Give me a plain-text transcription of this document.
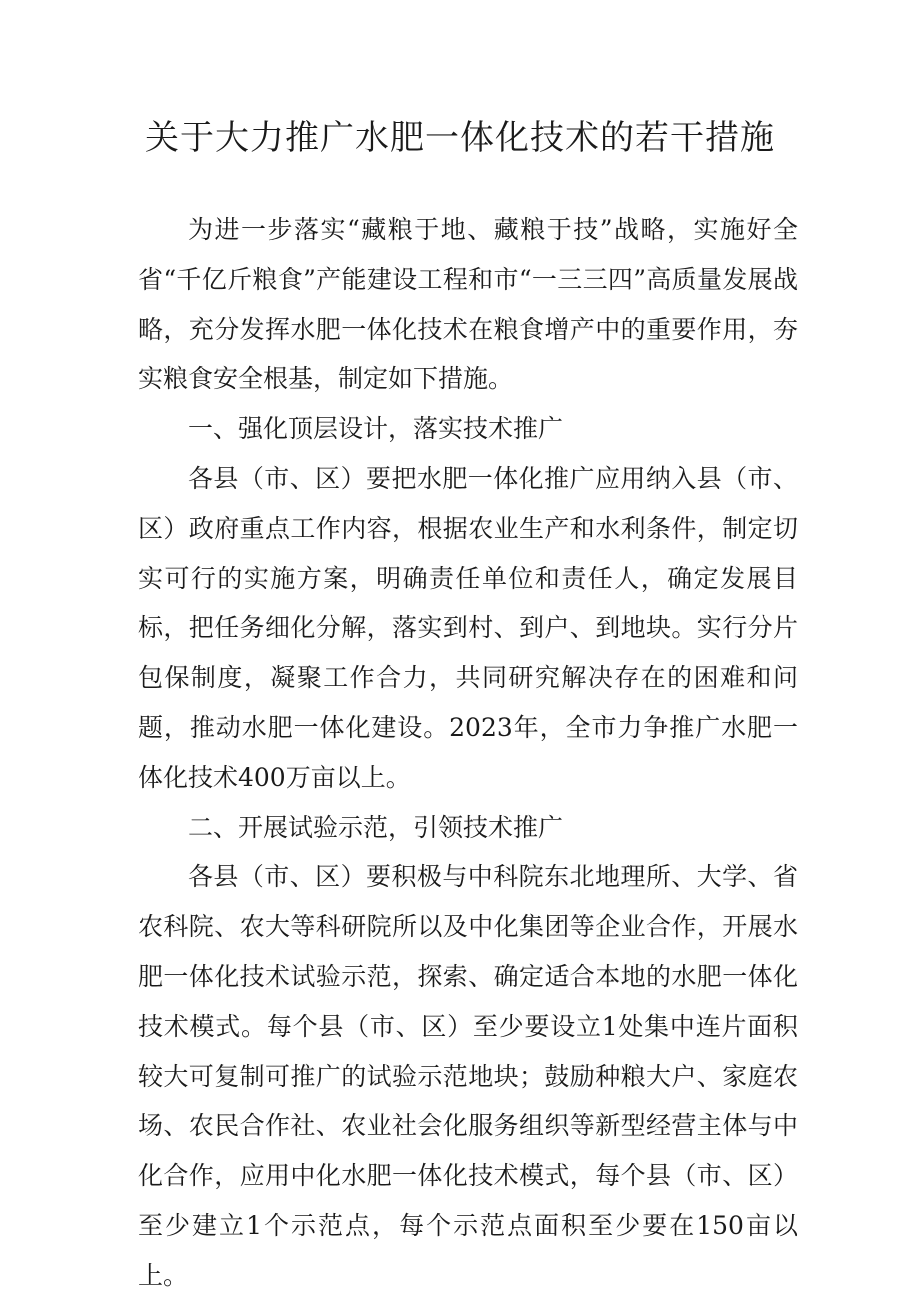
关于大力推广水肥一体化技术的若干措施

为进一步落实“藏粮于地、藏粮于技”战略，实施好全省“千亿斤粮食”产能建设工程和市“一三三四”高质量发展战略，充分发挥水肥一体化技术在粮食增产中的重要作用，夯实粮食安全根基，制定如下措施。

一、强化顶层设计，落实技术推广

各县（市、区）要把水肥一体化推广应用纳入县（市、区）政府重点工作内容，根据农业生产和水利条件，制定切实可行的实施方案，明确责任单位和责任人，确定发展目标，把任务细化分解，落实到村、到户、到地块。实行分片包保制度，凝聚工作合力，共同研究解决存在的困难和问题，推动水肥一体化建设。2023年，全市力争推广水肥一体化技术400万亩以上。

二、开展试验示范，引领技术推广

各县（市、区）要积极与中科院东北地理所、大学、省农科院、农大等科研院所以及中化集团等企业合作，开展水肥一体化技术试验示范，探索、确定适合本地的水肥一体化技术模式。每个县（市、区）至少要设立1处集中连片面积较大可复制可推广的试验示范地块；鼓励种粮大户、家庭农场、农民合作社、农业社会化服务组织等新型经营主体与中化合作，应用中化水肥一体化技术模式，每个县（市、区）至少建立1个示范点，每个示范点面积至少要在150亩以上。
